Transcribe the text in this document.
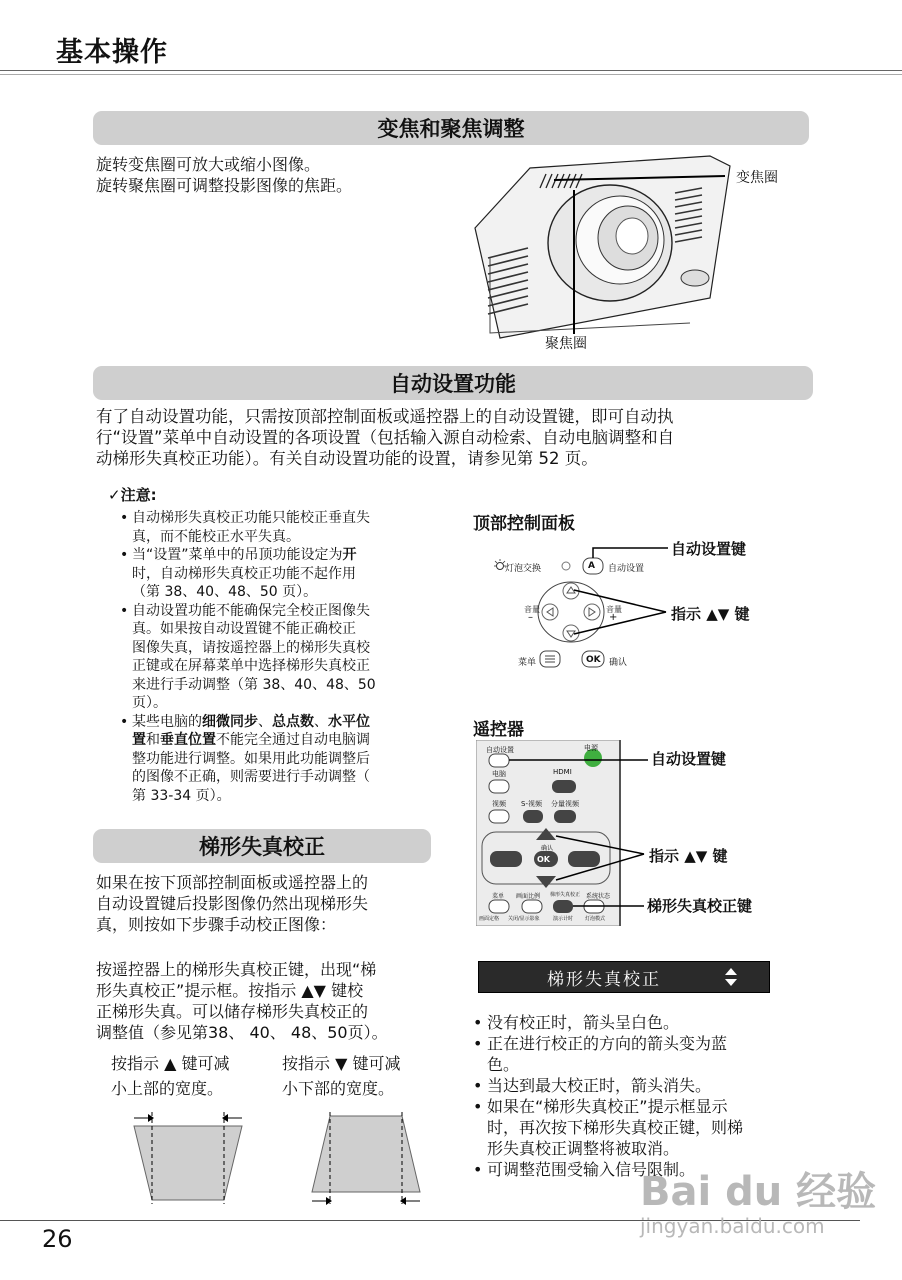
基本操作
变焦和聚焦调整
旋转变焦圈可放大或缩小图像。
旋转聚焦圈可调整投影图像的焦距。	变焦圈
聚焦圈
自动设置功能
有了自动设置功能，只需按顶部控制面板或遥控器上的自动设置键，即可自动执
行“设置”菜单中自动设置的各项设置（包括输入源自动检索、自动电脑调整和自
动梯形失真校正功能）。有关自动设置功能的设置，请参见第 52 页。
✓注意:
• 自动梯形失真校正功能只能校正垂直失
真，而不能校正水平失真。
• 当“设置”菜单中的吊顶功能设定为开
时，自动梯形失真校正功能不起作用
（第 38、40、48、50 页）。
• 自动设置功能不能确保完全校正图像失
真。如果按自动设置键不能正确校正
图像失真，请按遥控器上的梯形失真校
正键或在屏幕菜单中选择梯形失真校正
来进行手动调整（第 38、40、48、50
页）。
• 某些电脑的细微同步、总点数、水平位
置和垂直位置不能完全通过自动电脑调
整功能进行调整。如果用此功能调整后
的图像不正确，则需要进行手动调整（
第 33-34 页）。
顶部控制面板
灯泡交换	A 自动设置
音量
–
音量
+
菜单	OK 确认
自动设置键
指示 ▲▼ 键
遥控器
自动设置	电源
电脑	HDMI
视频 S-视频 分量视频
确认
OK
菜单 画面比例 梯形失真校正 系统状态
画面定格 关闭/显示影象	演示计时 灯泡模式
自动设置键
指示 ▲▼ 键
梯形失真校正键
梯形失真校正
如果在按下顶部控制面板或遥控器上的
自动设置键后投影图像仍然出现梯形失
真，则按如下步骤手动校正图像：
按遥控器上的梯形失真校正键，出现“梯
形失真校正”提示框。按指示 ▲▼ 键校
正梯形失真。可以储存梯形失真校正的
调整值（参见第38、 40、 48、50页）。
按指示 ▲ 键可减
小上部的宽度。
按指示 ▼ 键可减
小下部的宽度。
梯形失真校正
• 没有校正时，箭头呈白色。
• 正在进行校正的方向的箭头变为蓝
色。
• 当达到最大校正时，箭头消失。
• 如果在“梯形失真校正”提示框显示
时，再次按下梯形失真校正键，则梯
形失真校正调整将被取消。
• 可调整范围受输入信号限制。
26
Bai du 经验
jingyan.baidu.com
